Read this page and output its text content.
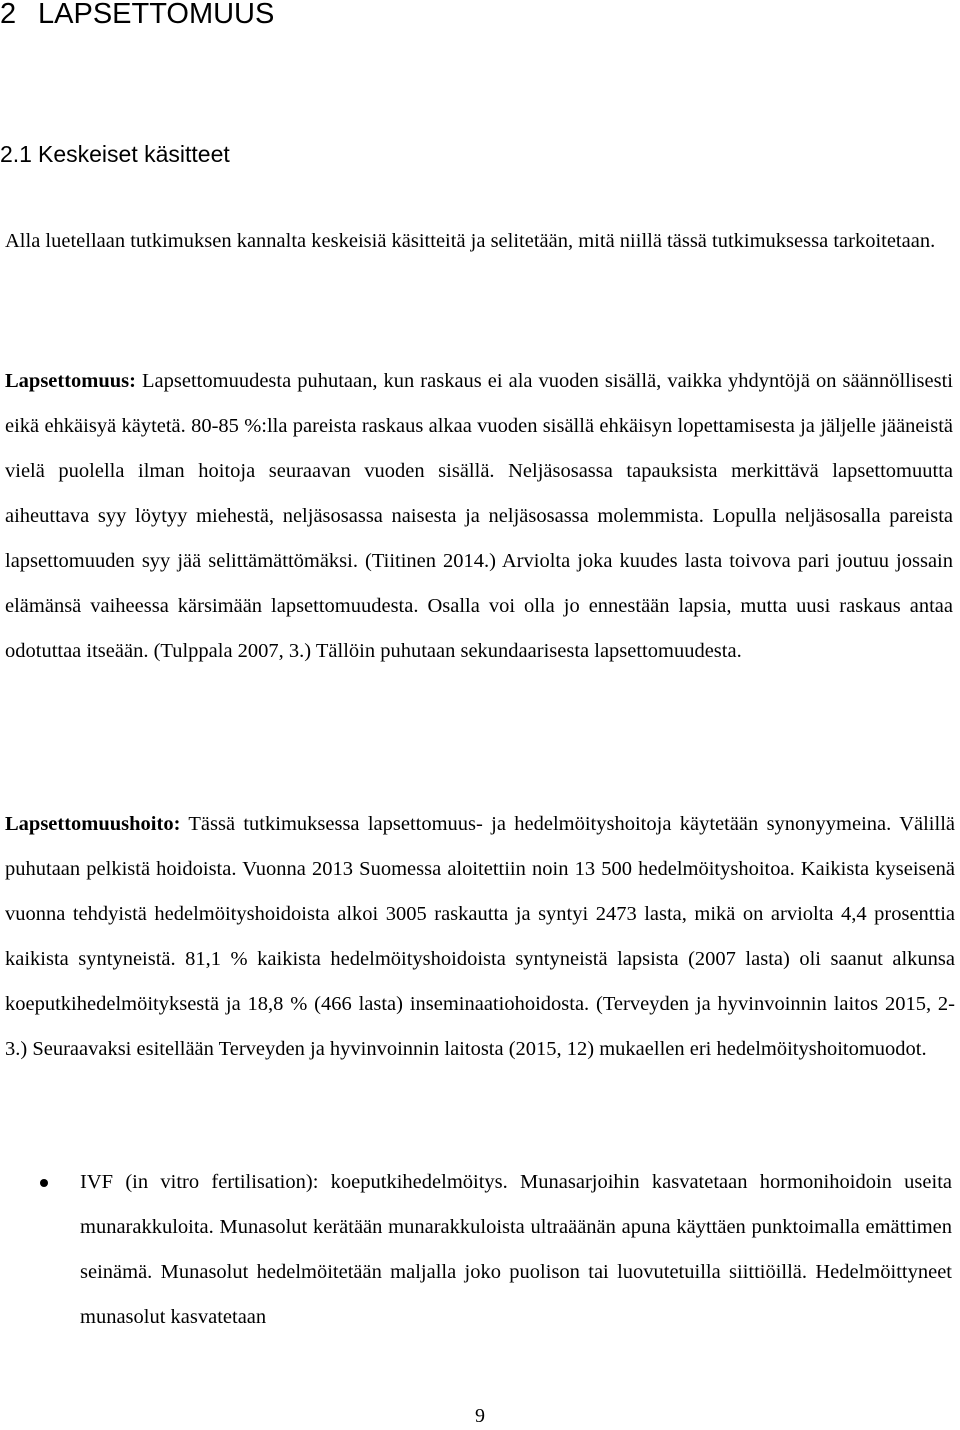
2 LAPSETTOMUUS
2.1 Keskeiset käsitteet

Alla luetellaan tutkimuksen kannalta keskeisiä käsitteitä ja selitetään, mitä niillä tässä tutkimuksessa tarkoitetaan.

Lapsettomuus: Lapsettomuudesta puhutaan, kun raskaus ei ala vuoden sisällä, vaikka yhdyntöjä on säännöllisesti eikä ehkäisyä käytetä. 80-85 %:lla pareista raskaus alkaa vuoden sisällä ehkäisyn lopettamisesta ja jäljelle jääneistä vielä puolella ilman hoitoja seuraavan vuoden sisällä. Neljäsosassa tapauksista merkittävä lapsettomuutta aiheuttava syy löytyy miehestä, neljäsosassa naisesta ja neljäsosassa molemmista. Lopulla neljäsosalla pareista lapsettomuuden syy jää selittämättömäksi. (Tiitinen 2014.) Arviolta joka kuudes lasta toivova pari joutuu jossain elämänsä vaiheessa kärsimään lapsettomuudesta. Osalla voi olla jo ennestään lapsia, mutta uusi raskaus antaa odotuttaa itseään. (Tulppala 2007, 3.) Tällöin puhutaan sekundaarisesta lapsettomuudesta.

Lapsettomuushoito: Tässä tutkimuksessa lapsettomuus- ja hedelmöityshoitoja käytetään synonyymeina. Välillä puhutaan pelkistä hoidoista. Vuonna 2013 Suomessa aloitettiin noin 13 500 hedelmöityshoitoa. Kaikista kyseisenä vuonna tehdyistä hedelmöityshoidoista alkoi 3005 raskautta ja syntyi 2473 lasta, mikä on arviolta 4,4 prosenttia kaikista syntyneistä. 81,1 % kaikista hedelmöityshoidoista syntyneistä lapsista (2007 lasta) oli saanut alkunsa koeputkihedelmöityksestä ja 18,8 % (466 lasta) inseminaatiohoidosta. (Terveyden ja hyvinvoinnin laitos 2015, 2-3.) Seuraavaksi esitellään Terveyden ja hyvinvoinnin laitosta (2015, 12) mukaellen eri hedelmöityshoitomuodot.

IVF (in vitro fertilisation): koeputkihedelmöitys. Munasarjoihin kasvatetaan hormonihoidoin useita munarakkuloita. Munasolut kerätään munarakkuloista ultraäänän apuna käyttäen punktoimalla emättimen seinämä. Munasolut hedelmöitetään maljalla joko puolison tai luovutetuilla siittiöillä. Hedelmöittyneet munasolut kasvatetaan

9
